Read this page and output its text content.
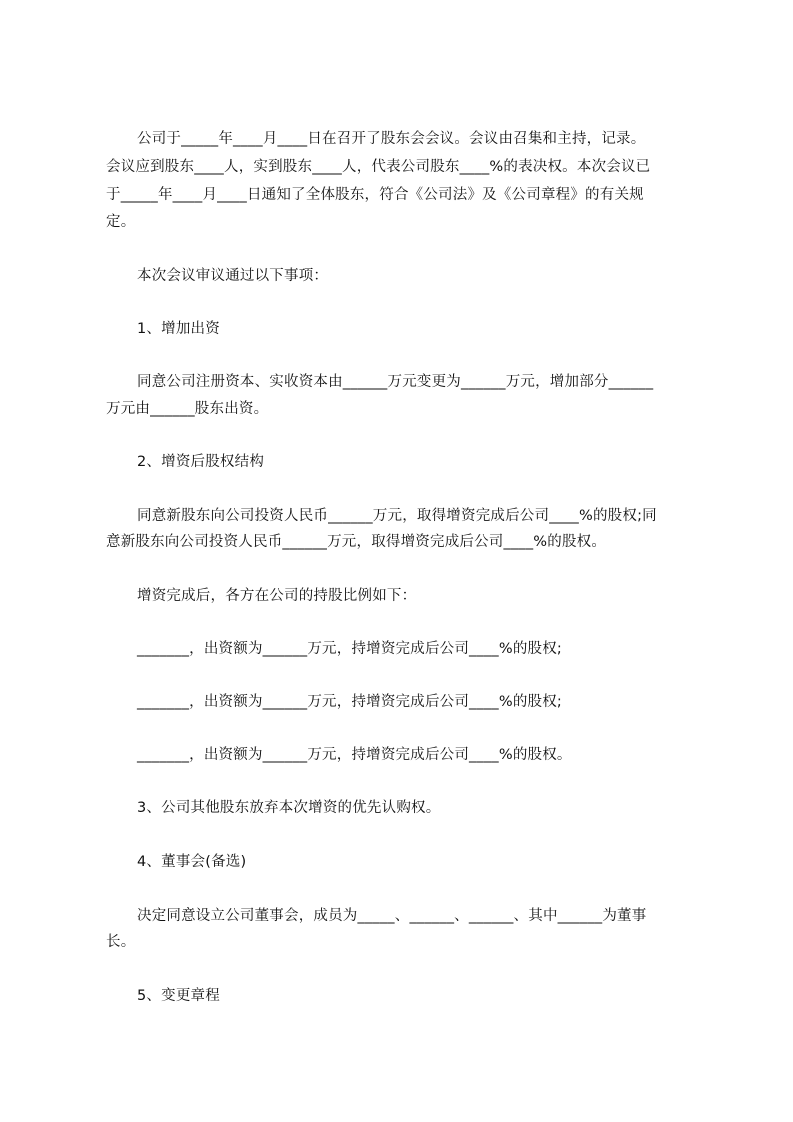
公司于_____年____月____日在召开了股东会会议。会议由召集和主持，记录。
会议应到股东____人，实到股东____人，代表公司股东____%的表决权。本次会议已
于_____年____月____日通知了全体股东，符合《公司法》及《公司章程》的有关规
定。
本次会议审议通过以下事项：
1、增加出资
同意公司注册资本、实收资本由______万元变更为______万元，增加部分______
万元由______股东出资。
2、增资后股权结构
同意新股东向公司投资人民币______万元，取得增资完成后公司____%的股权;同
意新股东向公司投资人民币______万元，取得增资完成后公司____%的股权。
增资完成后，各方在公司的持股比例如下：
_______，出资额为______万元，持增资完成后公司____%的股权;
_______，出资额为______万元，持增资完成后公司____%的股权;
_______，出资额为______万元，持增资完成后公司____%的股权。
3、公司其他股东放弃本次增资的优先认购权。
4、董事会(备选)
决定同意设立公司董事会，成员为_____、______、______、其中______为董事
长。
5、变更章程
